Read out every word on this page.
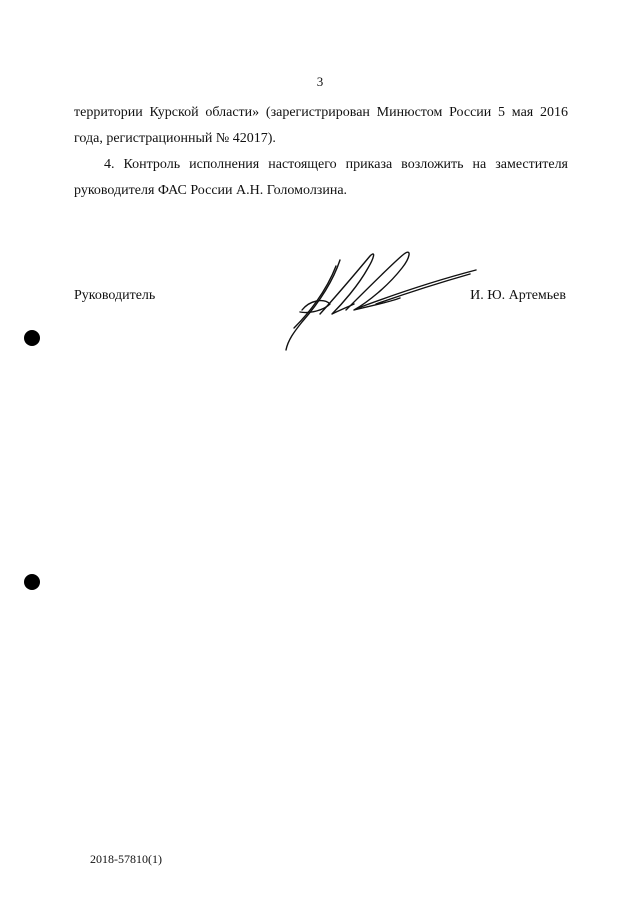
3
территории Курской области» (зарегистрирован Минюстом России 5 мая 2016 года, регистрационный № 42017).
4. Контроль исполнения настоящего приказа возложить на заместителя руководителя ФАС России А.Н. Голомолзина.
Руководитель	И. Ю. Артемьев
2018-57810(1)
